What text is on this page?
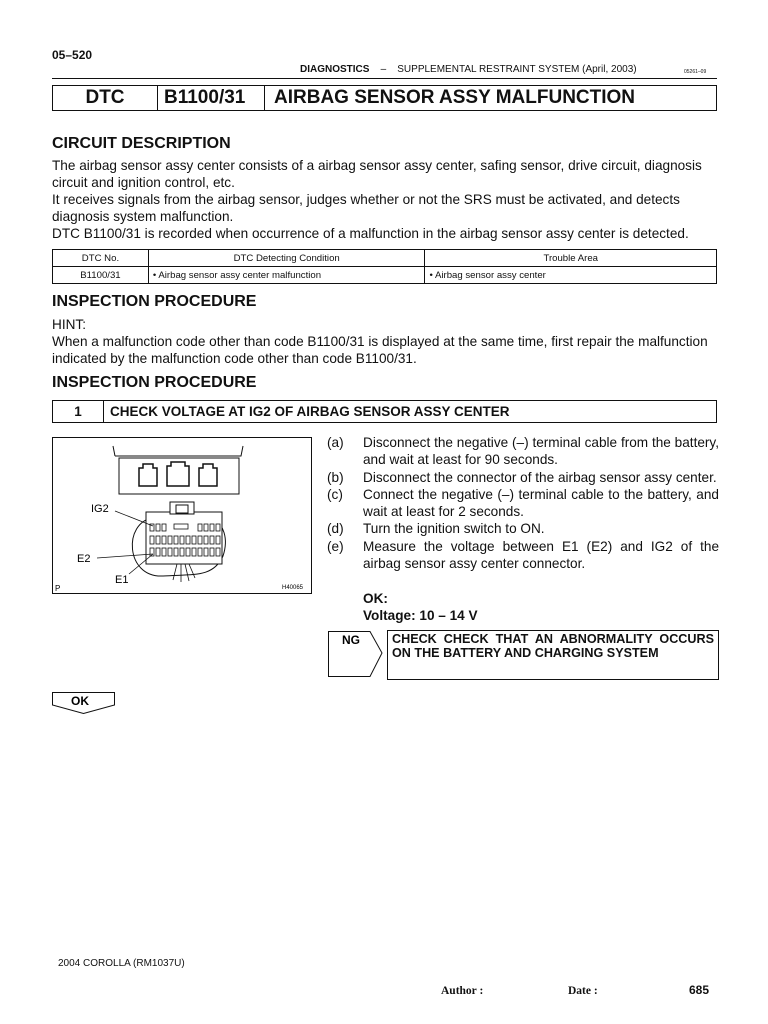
05–520
DIAGNOSTICS – SUPPLEMENTAL RESTRAINT SYSTEM (April, 2003)	05261–09
DTC	B1100/31	AIRBAG SENSOR ASSY MALFUNCTION
CIRCUIT DESCRIPTION
The airbag sensor assy center consists of a airbag sensor assy center, safing sensor, drive circuit, diagnosis
circuit and ignition control, etc.
It receives signals from the airbag sensor, judges whether or not the SRS must be activated, and detects
diagnosis system malfunction.
DTC B1100/31 is recorded when occurrence of a malfunction in the airbag sensor assy center is detected.
DTC No.	DTC Detecting Condition	Trouble Area
B1100/31	• Airbag sensor assy center malfunction	• Airbag sensor assy center
INSPECTION PROCEDURE
HINT:
When a malfunction code other than code B1100/31 is displayed at the same time, first repair the malfunction
indicated by the malfunction code other than code B1100/31.
INSPECTION PROCEDURE
1	CHECK VOLTAGE AT IG2 OF AIRBAG SENSOR ASSY CENTER
IG2
E2
E1
P	H40065
(a)	Disconnect the negative (–) terminal cable from the battery, and wait at least for 90 seconds.
(b)	Disconnect the connector of the airbag sensor assy center.
(c)	Connect the negative (–) terminal cable to the battery, and wait at least for 2 seconds.
(d)	Turn the ignition switch to ON.
(e)	Measure the voltage between E1 (E2) and IG2 of the airbag sensor assy center connector.
OK:
Voltage: 10 – 14 V
NG	CHECK CHECK THAT AN ABNORMALITY OCCURS ON THE BATTERY AND CHARGING SYSTEM
OK
2004 COROLLA (RM1037U)
Author :	Date :	685
